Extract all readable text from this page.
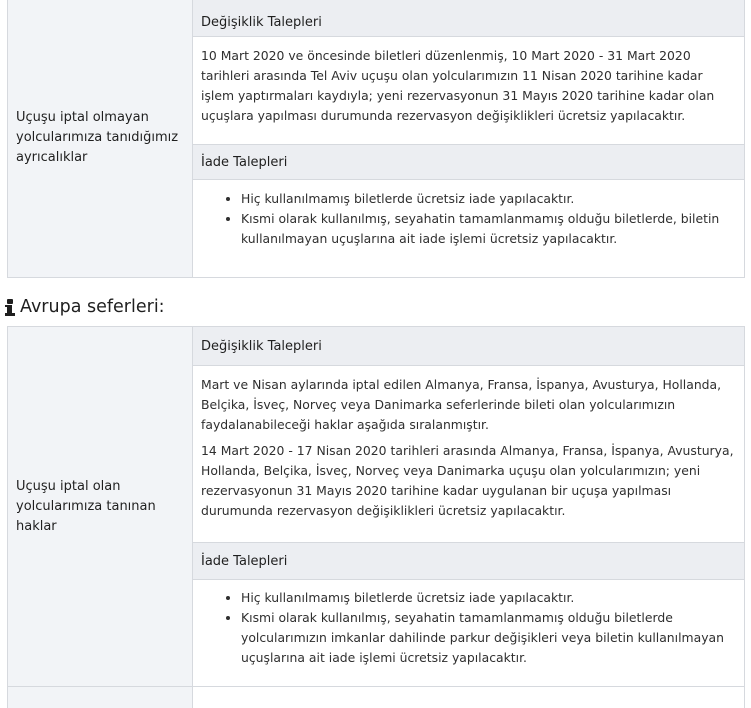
Uçuşu iptal olmayan yolcularımıza tanıdığımız ayrıcalıklar
Değişiklik Talepleri

10 Mart 2020 ve öncesinde biletleri düzenlenmiş, 10 Mart 2020 - 31 Mart 2020 tarihleri arasında Tel Aviv uçuşu olan yolcularımızın 11 Nisan 2020 tarihine kadar işlem yaptırmaları kaydıyla; yeni rezervasyonun 31 Mayıs 2020 tarihine kadar olan uçuşlara yapılması durumunda rezervasyon değişiklikleri ücretsiz yapılacaktır.

İade Talepleri
• Hiç kullanılmamış biletlerde ücretsiz iade yapılacaktır.
• Kısmi olarak kullanılmış, seyahatin tamamlanmamış olduğu biletlerde, biletin kullanılmayan uçuşlarına ait iade işlemi ücretsiz yapılacaktır.
Avrupa seferleri:
Uçuşu iptal olan yolcularımıza tanınan haklar
Değişiklik Talepleri

Mart ve Nisan aylarında iptal edilen Almanya, Fransa, İspanya, Avusturya, Hollanda, Belçika, İsveç, Norveç veya Danimarka seferlerinde bileti olan yolcularımızın faydalanabileceği haklar aşağıda sıralanmıştır.

14 Mart 2020 - 17 Nisan 2020 tarihleri arasında Almanya, Fransa, İspanya, Avusturya, Hollanda, Belçika, İsveç, Norveç veya Danimarka uçuşu olan yolcularımızın; yeni rezervasyonun 31 Mayıs 2020 tarihine kadar uygulanan bir uçuşa yapılması durumunda rezervasyon değişiklikleri ücretsiz yapılacaktır.

İade Talepleri
• Hiç kullanılmamış biletlerde ücretsiz iade yapılacaktır.
• Kısmi olarak kullanılmış, seyahatin tamamlanmamış olduğu biletlerde yolcularımızın imkanlar dahilinde parkur değişikleri veya biletin kullanılmayan uçuşlarına ait iade işlemi ücretsiz yapılacaktır.
